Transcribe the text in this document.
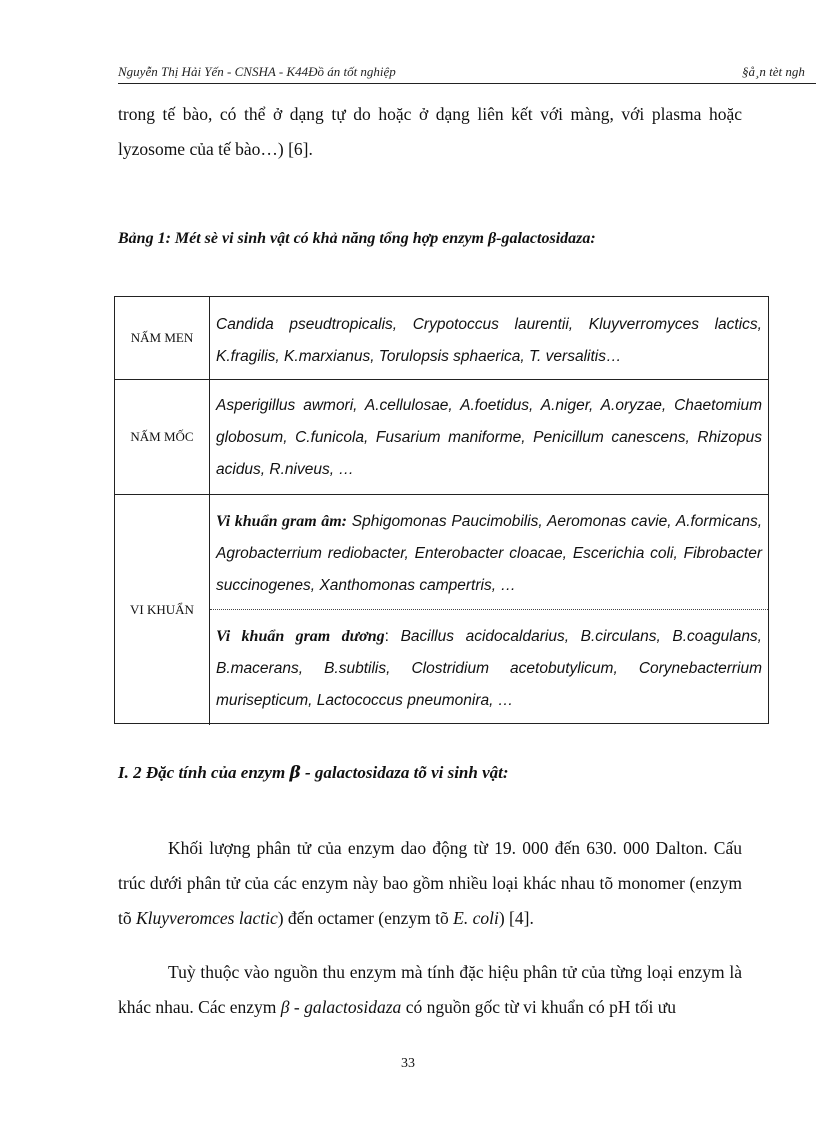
Nguyễn Thị Hải Yến - CNSHA - K44Đồ án tốt nghiệp	§å¸n tèt ngh

trong tế bào, có thể ở dạng tự do hoặc ở dạng liên kết với màng, với plasma hoặc lyzosome của tế bào…) [6].

Bảng 1: Mét sè vi sinh vật có khả năng tổng hợp enzym β-galactosidaza:
NẤM MEN
Candida pseudtropicalis, Crypotoccus laurentii, Kluyverromyces lactics, K.fragilis, K.marxianus, Torulopsis sphaerica, T. versalitis…
NẤM MỐC
Asperigillus awmori, A.cellulosae, A.foetidus, A.niger, A.oryzae, Chaetomium globosum, C.funicola, Fusarium maniforme, Penicillum canescens, Rhizopus acidus, R.niveus, …
VI KHUẨN
Vi khuẩn gram âm: Sphigomonas Paucimobilis, Aeromonas cavie, A.formicans, Agrobacterrium rediobacter, Enterobacter cloacae, Escerichia coli, Fibrobacter succinogenes, Xanthomonas campertris, …
Vi khuẩn gram dương: Bacillus acidocaldarius, B.circulans, B.coagulans, B.macerans, B.subtilis, Clostridium acetobutylicum, Corynebacterrium murisepticum, Lactococcus pneumonira, …
I. 2 Đặc tính của enzym β - galactosidaza tõ vi sinh vật:

Khối lượng phân tử của enzym dao động từ 19. 000 đến 630. 000 Dalton. Cấu trúc dưới phân tử của các enzym này bao gồm nhiều loại khác nhau tõ monomer (enzym tõ Kluyveromces lactic) đến octamer (enzym tõ E. coli) [4].

Tuỳ thuộc vào nguồn thu enzym mà tính đặc hiệu phân tử của từng loại enzym là khác nhau. Các enzym β - galactosidaza có nguồn gốc từ vi khuẩn có pH tối ưu

33
